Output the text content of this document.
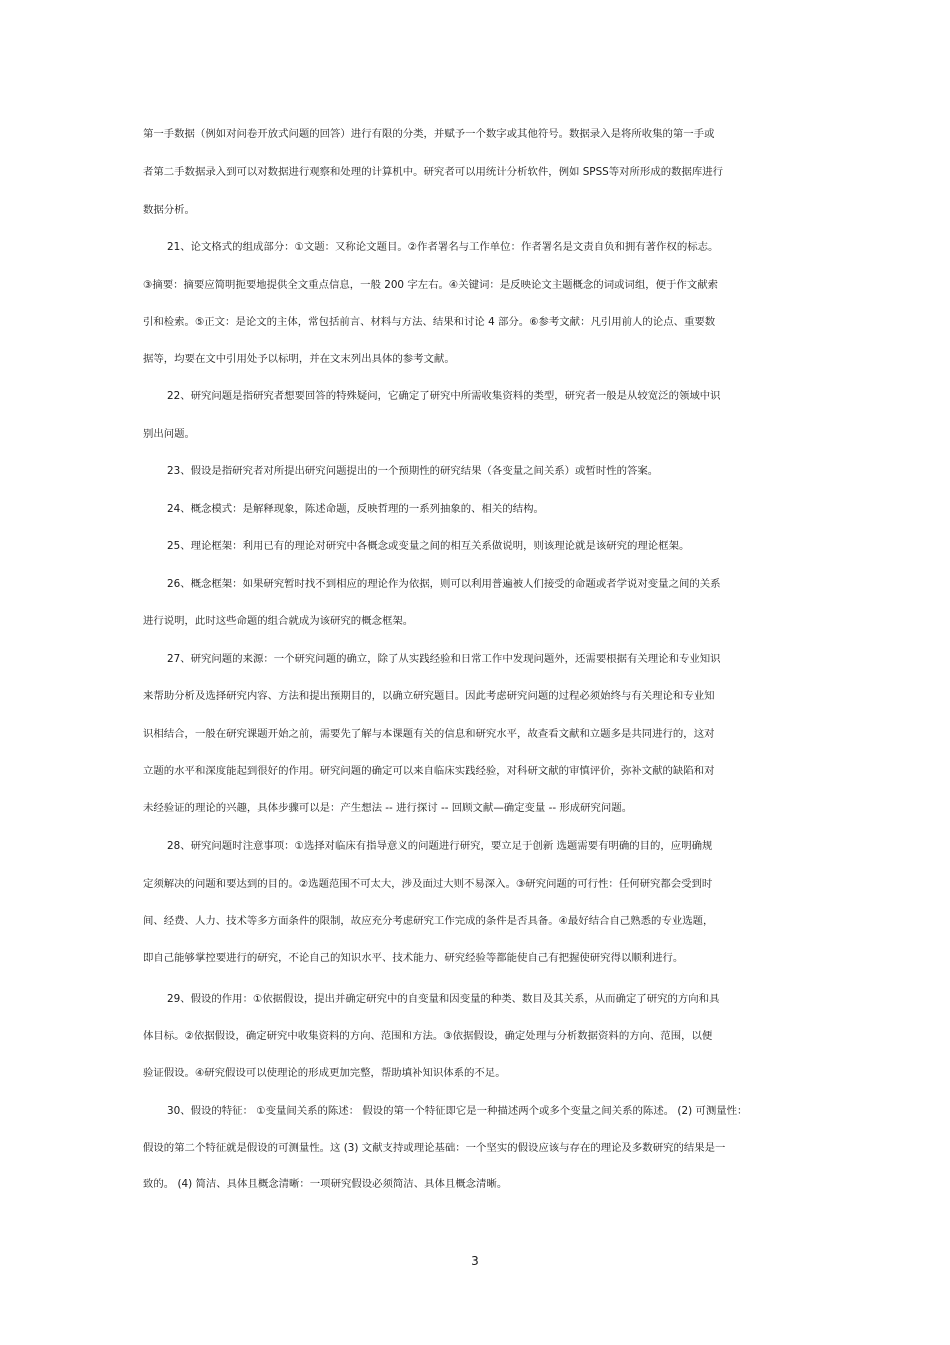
第一手数据（例如对问卷开放式问题的回答）进行有限的分类，并赋予一个数字或其他符号。数据录入是将所收集的第一手或
者第二手数据录入到可以对数据进行观察和处理的计算机中。研究者可以用统计分析软件，例如 SPSS等对所形成的数据库进行
数据分析。
21、论文格式的组成部分：①文题：又称论文题目。②作者署名与工作单位：作者署名是文责自负和拥有著作权的标志。
③摘要：摘要应简明扼要地提供全文重点信息，一般 200 字左右。④关键词：是反映论文主题概念的词或词组，便于作文献索
引和检索。⑤正文：是论文的主体，常包括前言、材料与方法、结果和讨论 4 部分。⑥参考文献：凡引用前人的论点、重要数
据等，均要在文中引用处予以标明，并在文末列出具体的参考文献。
22、研究问题是指研究者想要回答的特殊疑问，它确定了研究中所需收集资料的类型，研究者一般是从较宽泛的领域中识
别出问题。
23、假设是指研究者对所提出研究问题提出的一个预期性的研究结果（各变量之间关系）或暂时性的答案。
24、概念模式：是解释现象，陈述命题，反映哲理的一系列抽象的、相关的结构。
25、理论框架：利用已有的理论对研究中各概念或变量之间的相互关系做说明，则该理论就是该研究的理论框架。
26、概念框架：如果研究暂时找不到相应的理论作为依据，则可以利用普遍被人们接受的命题或者学说对变量之间的关系
进行说明，此时这些命题的组合就成为该研究的概念框架。
27、研究问题的来源：一个研究问题的确立，除了从实践经验和日常工作中发现问题外，还需要根据有关理论和专业知识
来帮助分析及选择研究内容、方法和提出预期目的，以确立研究题目。因此考虑研究问题的过程必须始终与有关理论和专业知
识相结合，一般在研究课题开始之前，需要先了解与本课题有关的信息和研究水平，故查看文献和立题多是共同进行的，这对
立题的水平和深度能起到很好的作用。研究问题的确定可以来自临床实践经验，对科研文献的审慎评价，弥补文献的缺陷和对
未经验证的理论的兴趣，具体步骤可以是：产生想法 -- 进行探讨 -- 回顾文献—确定变量 -- 形成研究问题。
28、研究问题时注意事项：①选择对临床有指导意义的问题进行研究，要立足于创新 选题需要有明确的目的，应明确规
定须解决的问题和要达到的目的。②选题范围不可太大，涉及面过大则不易深入。③研究问题的可行性：任何研究都会受到时
间、经费、人力、技术等多方面条件的限制，故应充分考虑研究工作完成的条件是否具备。④最好结合自己熟悉的专业选题，
即自己能够掌控要进行的研究，不论自己的知识水平、技术能力、研究经验等都能使自己有把握使研究得以顺利进行。
29、假设的作用：①依据假设，提出并确定研究中的自变量和因变量的种类、数目及其关系，从而确定了研究的方向和具
体目标。②依据假设，确定研究中收集资料的方向、范围和方法。③依据假设，确定处理与分析数据资料的方向、范围，以便
验证假设。④研究假设可以使理论的形成更加完整，帮助填补知识体系的不足。
30、假设的特征： ①变量间关系的陈述： 假设的第一个特征即它是一种描述两个或多个变量之间关系的陈述。 (2) 可测量性：
假设的第二个特征就是假设的可测量性。这 (3) 文献支持或理论基础：一个坚实的假设应该与存在的理论及多数研究的结果是一
致的。 (4) 简洁、具体且概念清晰：一项研究假设必须简洁、具体且概念清晰。
3
